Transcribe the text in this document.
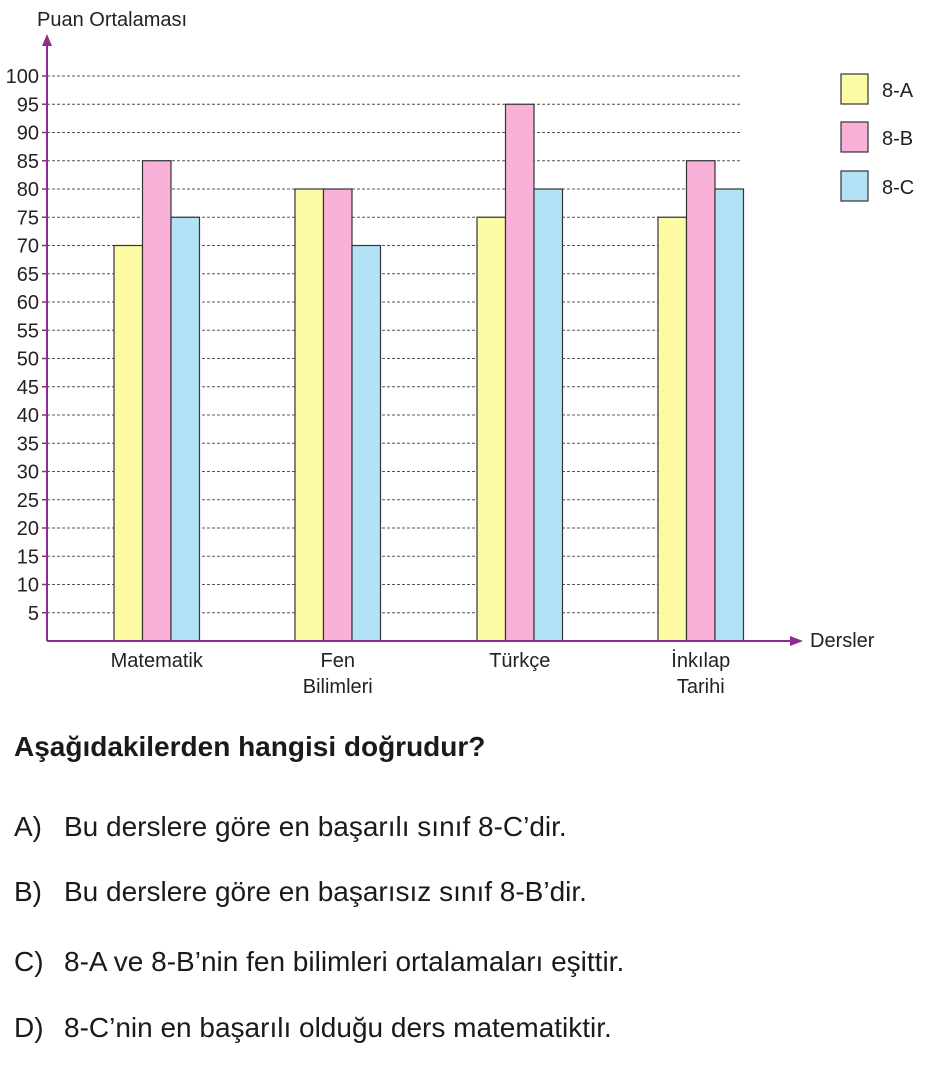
5
10
15
20
25
30
35
40
45
50
55
60
65
70
75
80
85
90
95
100
Puan Ortalaması
Dersler
Matematik	Fen
Bilimleri
Türkçe	İnkılap
Tarihi
8-A
8-B
8-C

Aşağıdakilerden hangisi doğrudur?

A) Bu derslere göre en başarılı sınıf 8-C’dir.

B) Bu derslere göre en başarısız sınıf 8-B’dir.

C) 8-A ve 8-B’nin fen bilimleri ortalamaları eşittir.

D) 8-C’nin en başarılı olduğu ders matematiktir.
